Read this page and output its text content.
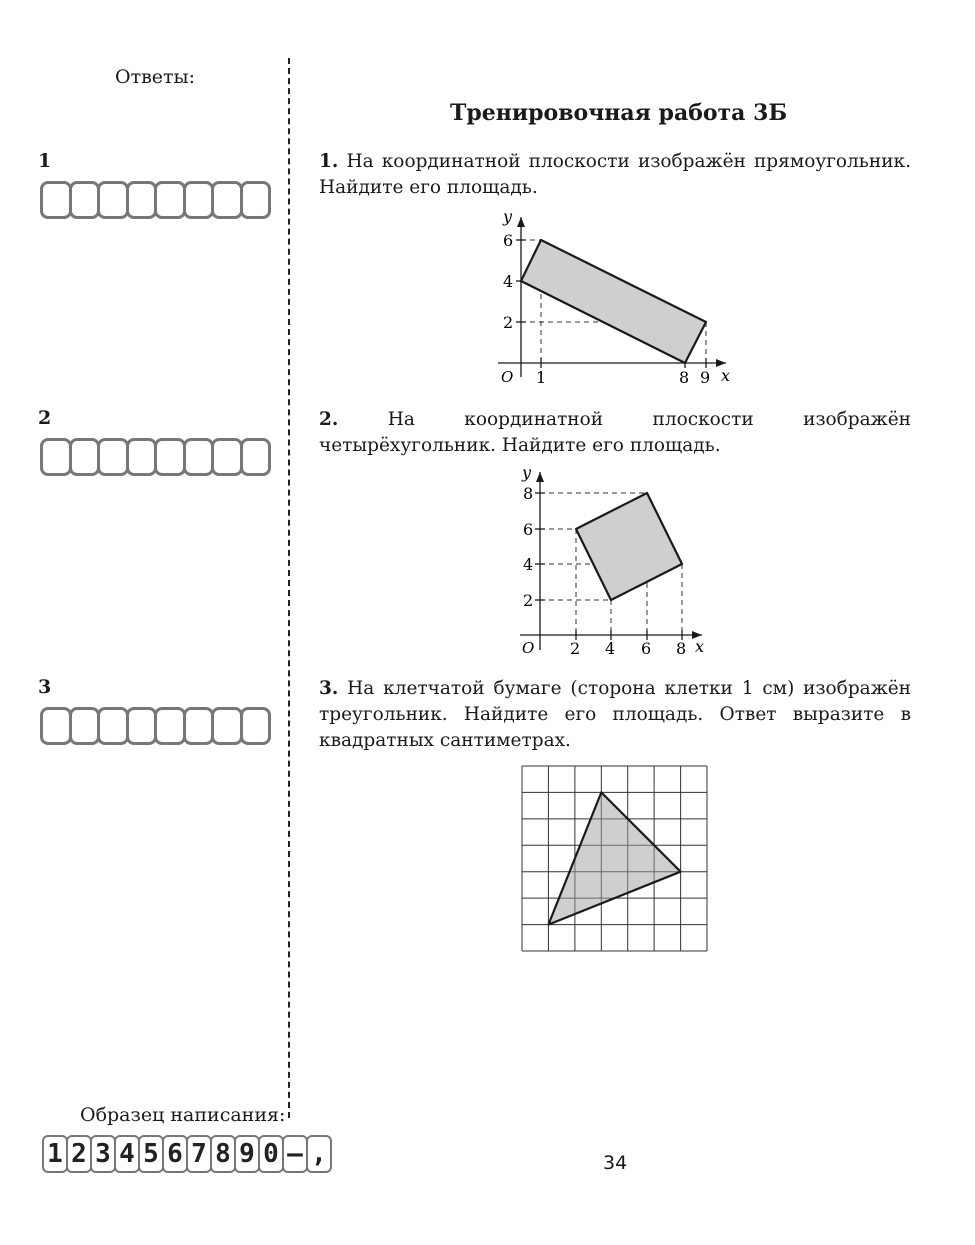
Ответы:
1
2
3
Образец написания:
1 2 3 4 5 6 7 8 9 0 – ,
Тренировочная работа 3Б
1. На координатной плоскости изображён прямоугольник. Найдите его площадь.
y
x
O
6
4
2
1	8 9
2.	На координатной плоскости изображён четырёхугольник. Найдите его площадь.
y
x
O
8
6
4
2
2 4 6 8
3. На клетчатой бумаге (сторона клетки 1 см) изображён треугольник. Найдите его площадь. Ответ выразите в квадратных сантиметрах.
34
